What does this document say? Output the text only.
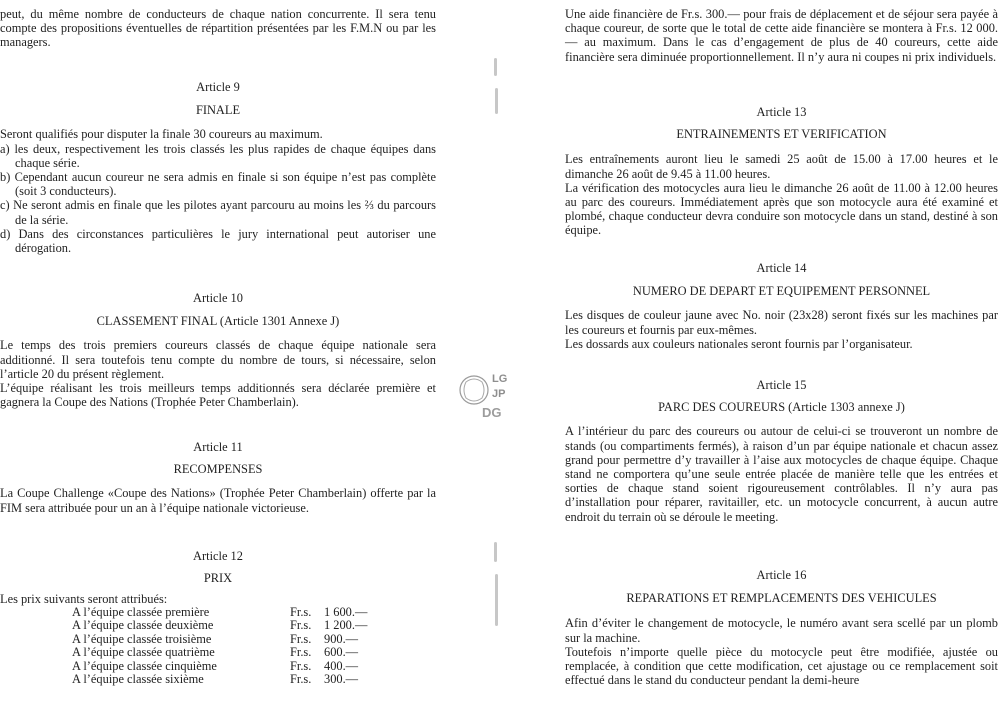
peut, du même nombre de conducteurs de chaque nation concurrente. Il sera tenu compte des propositions éventuelles de répartition présentées par les F.M.N ou par les managers.

Article 9
FINALE

Seront qualifiés pour disputer la finale 30 coureurs au maximum.

a) les deux, respectivement les trois classés les plus rapides de chaque équipes dans chaque série.

b) Cependant aucun coureur ne sera admis en finale si son équipe n’est pas complète (soit 3 conducteurs).

c) Ne seront admis en finale que les pilotes ayant parcouru au moins les ⅔ du parcours de la série.

d) Dans des circonstances particulières le jury international peut autoriser une dérogation.

Article 10
CLASSEMENT FINAL (Article 1301 Annexe J)

Le temps des trois premiers coureurs classés de chaque équipe nationale sera additionné. Il sera toutefois tenu compte du nombre de tours, si nécessaire, selon l’article 20 du présent règlement.

L’équipe réalisant les trois meilleurs temps additionnés sera déclarée première et gagnera la Coupe des Nations (Trophée Peter Chamberlain).

Article 11
RECOMPENSES

La Coupe Challenge «Coupe des Nations» (Trophée Peter Chamberlain) offerte par la FIM sera attribuée pour un an à l’équipe nationale victorieuse.

Article 12
PRIX

Les prix suivants seront attribués:

A l’équipe classée première	Fr.s.	1 600.—
A l’équipe classée deuxième	Fr.s.	1 200.—
A l’équipe classée troisième	Fr.s.	900.—
A l’équipe classée quatrième	Fr.s.	600.—
A l’équipe classée cinquième	Fr.s.	400.—
A l’équipe classée sixième	Fr.s.	300.—
LG
JP
DG

Une aide financière de Fr.s. 300.— pour frais de déplacement et de séjour sera payée à chaque coureur, de sorte que le total de cette aide financière se montera à Fr.s. 12 000.— au maximum. Dans le cas d’engagement de plus de 40 coureurs, cette aide financière sera diminuée proportionnellement. Il n’y aura ni coupes ni prix individuels.

Article 13
ENTRAINEMENTS ET VERIFICATION

Les entraînements auront lieu le samedi 25 août de 15.00 à 17.00 heures et le dimanche 26 août de 9.45 à 11.00 heures.

La vérification des motocycles aura lieu le dimanche 26 août de 11.00 à 12.00 heures au parc des coureurs. Immédiatement après que son motocycle aura été examiné et plombé, chaque conducteur devra conduire son motocycle dans un stand, destiné à son équipe.

Article 14
NUMERO DE DEPART ET EQUIPEMENT PERSONNEL

Les disques de couleur jaune avec No. noir (23x28) seront fixés sur les machines par les coureurs et fournis par eux-mêmes.

Les dossards aux couleurs nationales seront fournis par l’organisateur.

Article 15
PARC DES COUREURS (Article 1303 annexe J)

A l’intérieur du parc des coureurs ou autour de celui-ci se trouveront un nombre de stands (ou compartiments fermés), à raison d’un par équipe nationale et chacun assez grand pour permettre d’y travailler à l’aise aux motocycles de chaque équipe. Chaque stand ne comportera qu’une seule entrée placée de manière telle que les entrées et sorties de chaque stand soient rigoureusement contrôlables. Il n’y aura pas d’installation pour réparer, ravitailler, etc. un motocycle concurrent, à aucun autre endroit du terrain où se déroule le meeting.

Article 16
REPARATIONS ET REMPLACEMENTS DES VEHICULES

Afin d’éviter le changement de motocycle, le numéro avant sera scellé par un plomb sur la machine.

Toutefois n’importe quelle pièce du motocycle peut être modifiée, ajustée ou remplacée, à condition que cette modification, cet ajustage ou ce remplacement soit effectué dans le stand du conducteur pendant la demi-heure
